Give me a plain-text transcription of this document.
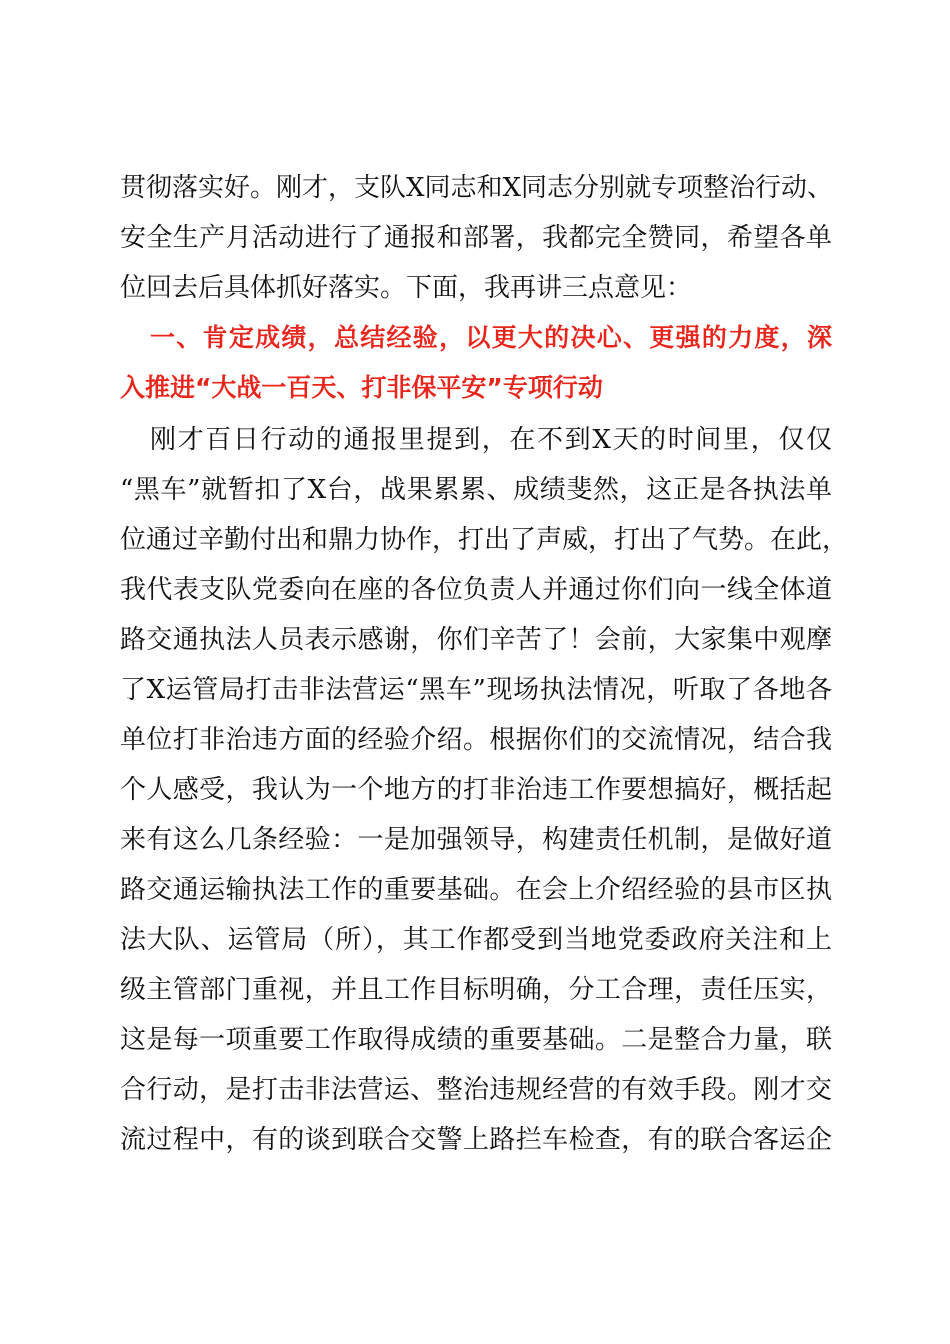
贯彻落实好。刚才，支队X同志和X同志分别就专项整治行动、
安全生产月活动进行了通报和部署，我都完全赞同，希望各单
位回去后具体抓好落实。下面，我再讲三点意见：
一、肯定成绩，总结经验，以更大的决心、更强的力度，深
入推进“大战一百天、打非保平安”专项行动
刚才百日行动的通报里提到，在不到X天的时间里，仅仅
“黑车”就暂扣了X台，战果累累、成绩斐然，这正是各执法单
位通过辛勤付出和鼎力协作，打出了声威，打出了气势。在此，
我代表支队党委向在座的各位负责人并通过你们向一线全体道
路交通执法人员表示感谢，你们辛苦了！会前，大家集中观摩
了X运管局打击非法营运“黑车”现场执法情况，听取了各地各
单位打非治违方面的经验介绍。根据你们的交流情况，结合我
个人感受，我认为一个地方的打非治违工作要想搞好，概括起
来有这么几条经验：一是加强领导，构建责任机制，是做好道
路交通运输执法工作的重要基础。在会上介绍经验的县市区执
法大队、运管局（所），其工作都受到当地党委政府关注和上
级主管部门重视，并且工作目标明确，分工合理，责任压实，
这是每一项重要工作取得成绩的重要基础。二是整合力量，联
合行动，是打击非法营运、整治违规经营的有效手段。刚才交
流过程中，有的谈到联合交警上路拦车检查，有的联合客运企
